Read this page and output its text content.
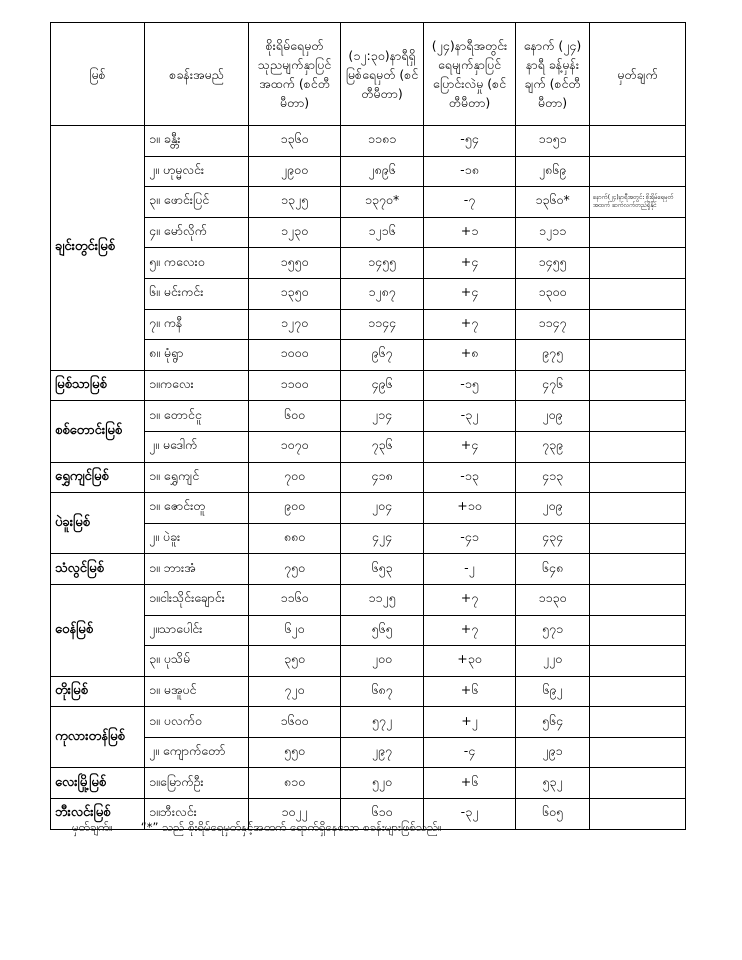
မြစ်	စခန်းအမည်	စိုးရိမ်ရေမှတ် သုညမျက်နှာပြင် အထက် (စင်တီမီတာ)	(၁၂:၃၀)နာရီရှိ မြစ်ရေမှတ် (စင်တီမီတာ)	(၂၄)နာရီအတွင်း ရေမျက်နှာပြင် ပြောင်းလဲမှု (စင်တီမီတာ)	နောက် (၂၄) နာရီ ခန့်မှန်းချက် (စင်တီမီတာ)	မှတ်ချက်
ချင်းတွင်းမြစ်	၁။ ခန္တီး	၁၃၆၀	၁၁၈၁	-၅၄	၁၁၅၁	
	၂။ ဟုမ္မလင်း	၂၉၀၀	၂၈၉၆	-၁၈	၂၈၆၉	
	၃။ ဖောင်းပြင်	၁၃၂၅	၁၃၇၀*	-၇	၁၃၆၀*	နောက်(၂၄)နာရီအတွင်း စိုးရိမ်ရေမှတ် အထက် ဆက်လက်တည်ရှိနိုင်
	၄။ မော်လိုက်	၁၂၃၀	၁၂၁၆	+၁	၁၂၁၁	
	၅။ ကလေးဝ	၁၅၅၀	၁၄၅၅	+၄	၁၄၅၅	
	၆။ မင်းကင်း	၁၃၅၀	၁၂၈၇	+၄	၁၃၀၀	
	၇။ ကနီ	၁၂၇၀	၁၁၄၄	+၇	၁၁၄၇	
	၈။ မုံရွာ	၁၀၀၀	၉၆၇	+၈	၉၇၅	
မြစ်သာမြစ်	၁။ကလေး	၁၁၀၀	၄၉၆	-၁၅	၄၇၆	
စစ်တောင်းမြစ်	၁။ တောင်ငူ	၆၀၀	၂၁၄	-၃၂	၂၀၉	
	၂။ မဒေါက်	၁၀၇၀	၇၃၆	+၄	၇၃၉	
ရွှေကျင်မြစ်	၁။ ရွှေကျင်	၇၀၀	၄၁၈	-၁၃	၄၁၃	
ပဲခူးမြစ်	၁။ ဇောင်းတူ	၉၀၀	၂၀၄	+၁၀	၂၀၉	
	၂။ ပဲခူး	၈၈၀	၄၂၄	-၄၁	၄၃၄	
သံလွင်မြစ်	၁။ ဘားအံ	၇၅၀	၆၅၃	-၂	၆၄၈	
ဝေန်မြစ်	၁။ငါးသိုင်းချောင်း	၁၁၆၀	၁၁၂၅	+၇	၁၁၃၀	
	၂။သာပေါင်း	၆၂၀	၅၆၅	+၇	၅၇၁	
	၃။ ပုသိမ်	၃၅၀	၂၀၀	+၃၀	၂၂၀	
တိုးမြစ်	၁။ မအူပင်	၇၂၀	၆၈၇	+၆	၆၉၂	
ကုလားတန်မြစ်	၁။ ပလက်ဝ	၁၆၀၀	၅၇၂	+၂	၅၆၄	
	၂။ ကျောက်တော်	၅၅၀	၂၉၇	-၄	၂၉၁	
လေးမြို့မြစ်	၁။မြောက်ဦး	၈၁၀	၅၂၀	+၆	၅၃၂	
ဘီးလင်းမြစ်	၁။ဘီးလင်း	၁၀၂၂	၆၁၀	-၃၂	၆၀၅	
မှတ်ချက်။ “*” သည် စိုးရိမ်ရေမှတ်နှင့်အထက် ရောက်ရှိနေသော စခန်းများဖြစ်သည်။
